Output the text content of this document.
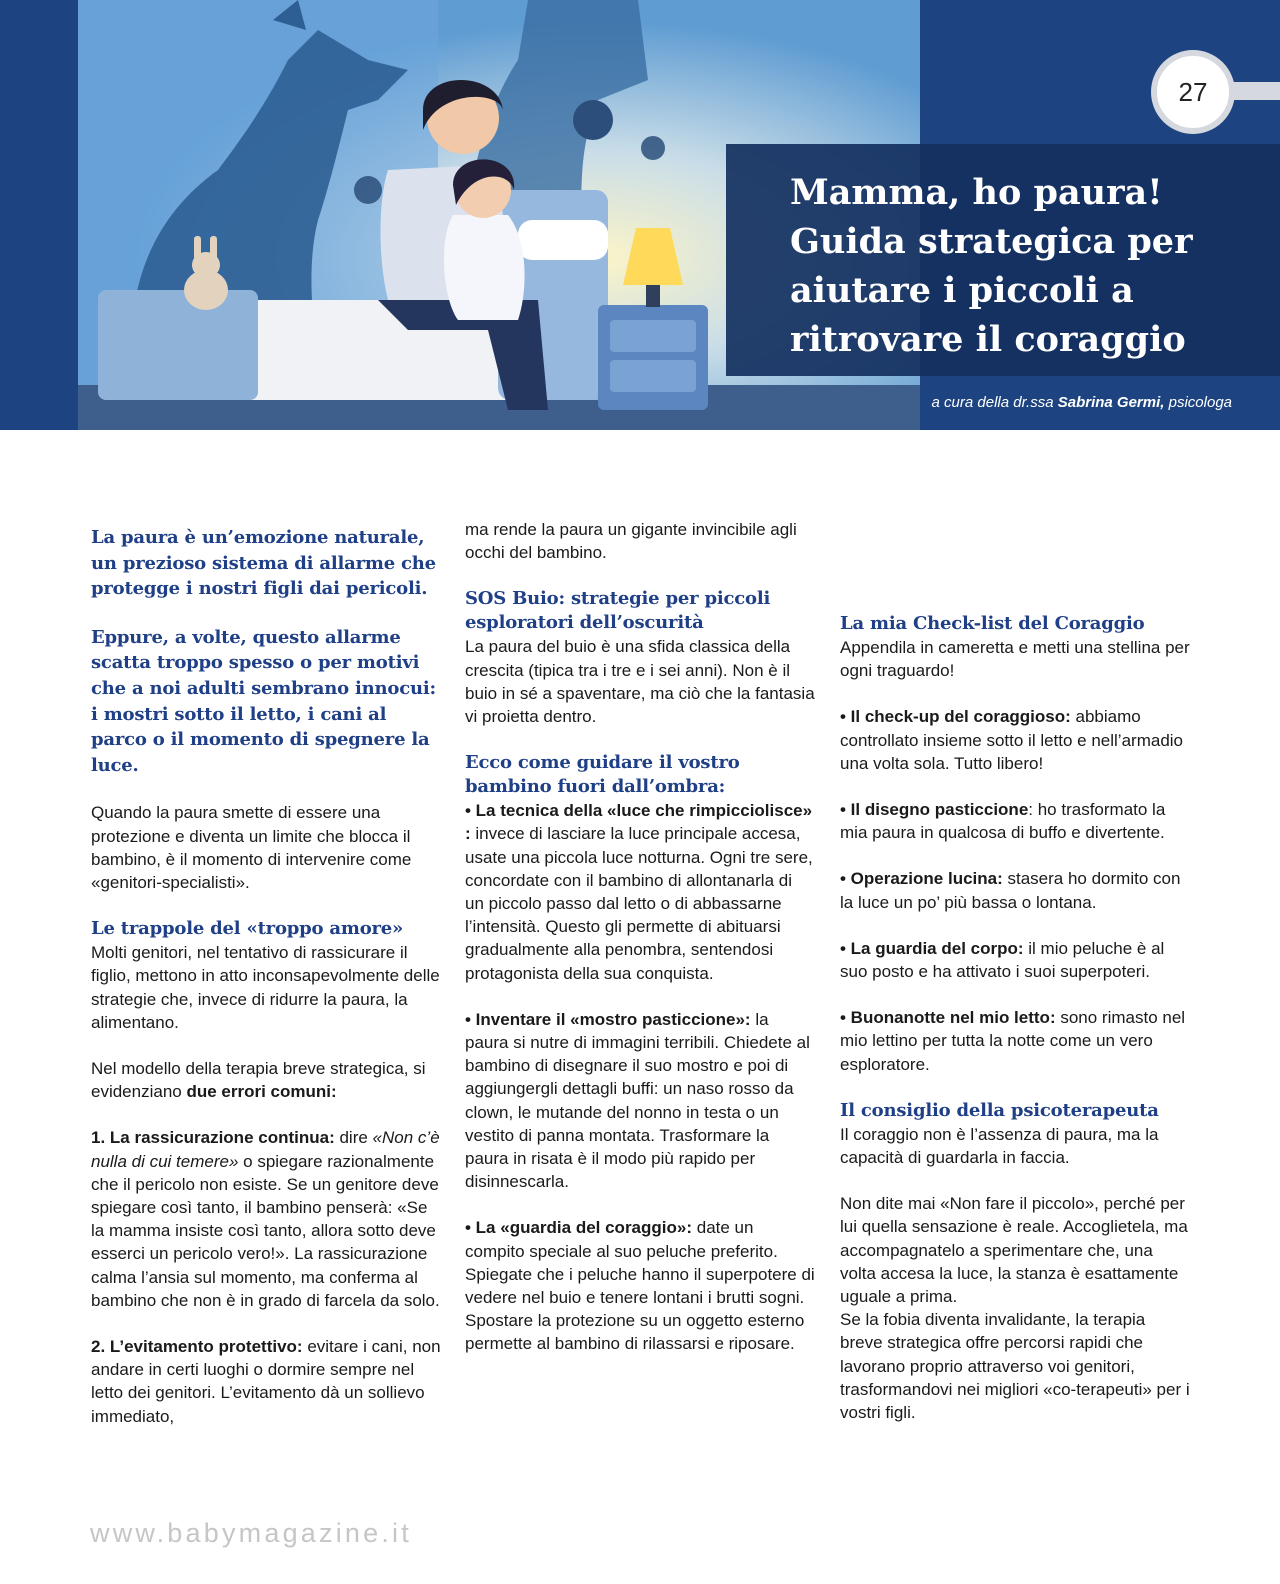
Mamma, ho paura!
Guida strategica per
aiutare i piccoli a
ritrovare il coraggio
27
a cura della dr.ssa Sabrina Germi, psicologa

La paura è un’emozione naturale, un prezioso sistema di allarme che protegge i nostri figli dai pericoli.

Eppure, a volte, questo allarme scatta troppo spesso o per motivi che a noi adulti sembrano innocui: i mostri sotto il letto, i cani al parco o il momento di spegnere la luce.

Quando la paura smette di essere una protezione e diventa un limite che blocca il bambino, è il momento di intervenire come «genitori-specialisti».

Le trappole del «troppo amore»

Molti genitori, nel tentativo di rassicurare il figlio, mettono in atto inconsapevolmente delle strategie che, invece di ridurre la paura, la alimentano.

Nel modello della terapia breve strategica, si evidenziano due errori comuni:

1. La rassicurazione continua: dire «Non c’è nulla di cui temere» o spiegare razionalmente che il pericolo non esiste. Se un genitore deve spiegare così tanto, il bambino penserà: «Se la mamma insiste così tanto, allora sotto deve esserci un pericolo vero!». La rassicurazione calma l’ansia sul momento, ma conferma al bambino che non è in grado di farcela da solo.

2. L’evitamento protettivo: evitare i cani, non andare in certi luoghi o dormire sempre nel letto dei genitori. L’evitamento dà un sollievo immediato,

ma rende la paura un gigante invincibile agli occhi del bambino.

SOS Buio: strategie per piccoli esploratori dell’oscurità

La paura del buio è una sfida classica della crescita (tipica tra i tre e i sei anni). Non è il buio in sé a spaventare, ma ciò che la fantasia vi proietta dentro.

Ecco come guidare il vostro bambino fuori dall’ombra:

• La tecnica della «luce che rimpicciolisce» : invece di lasciare la luce principale accesa, usate una piccola luce notturna. Ogni tre sere, concordate con il bambino di allontanarla di un piccolo passo dal letto o di abbassarne l’intensità. Questo gli permette di abituarsi gradualmente alla penombra, sentendosi protagonista della sua conquista.

• Inventare il «mostro pasticcione»: la paura si nutre di immagini terribili. Chiedete al bambino di disegnare il suo mostro e poi di aggiungergli dettagli buffi: un naso rosso da clown, le mutande del nonno in testa o un vestito di panna montata. Trasformare la paura in risata è il modo più rapido per disinnescarla.

• La «guardia del coraggio»: date un compito speciale al suo peluche preferito. Spiegate che i peluche hanno il superpotere di vedere nel buio e tenere lontani i brutti sogni. Spostare la protezione su un oggetto esterno permette al bambino di rilassarsi e riposare.

La mia Check-list del Coraggio

Appendila in cameretta e metti una stellina per ogni traguardo!

• Il check-up del coraggioso: abbiamo controllato insieme sotto il letto e nell’armadio una volta sola. Tutto libero!

• Il disegno pasticcione: ho trasformato la mia paura in qualcosa di buffo e divertente.

• Operazione lucina: stasera ho dormito con la luce un po’ più bassa o lontana.

• La guardia del corpo: il mio peluche è al suo posto e ha attivato i suoi superpoteri.

• Buonanotte nel mio letto: sono rimasto nel mio lettino per tutta la notte come un vero esploratore.

Il consiglio della psicoterapeuta

Il coraggio non è l’assenza di paura, ma la capacità di guardarla in faccia.

Non dite mai «Non fare il piccolo», perché per lui quella sensazione è reale. Accoglietela, ma accompagnatelo a sperimentare che, una volta accesa la luce, la stanza è esattamente uguale a prima.

Se la fobia diventa invalidante, la terapia breve strategica offre percorsi rapidi che lavorano proprio attraverso voi genitori, trasformandovi nei migliori «co-terapeuti» per i vostri figli.

www.babymagazine.it
